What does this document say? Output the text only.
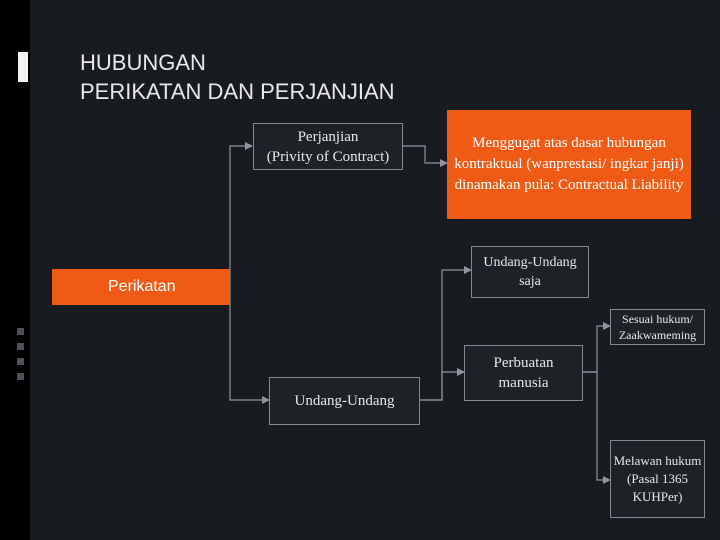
HUBUNGAN
PERIKATAN DAN PERJANJIAN
Perikatan
Perjanjian
(Privity of Contract)
Menggugat atas dasar hubungan kontraktual (wanprestasi/ ingkar janji) dinamakan pula: Contractual Liability
Undang-Undang saja
Undang-Undang
Perbuatan manusia
Sesuai hukum/ Zaakwameming
Melawan hukum (Pasal 1365 KUHPer)
